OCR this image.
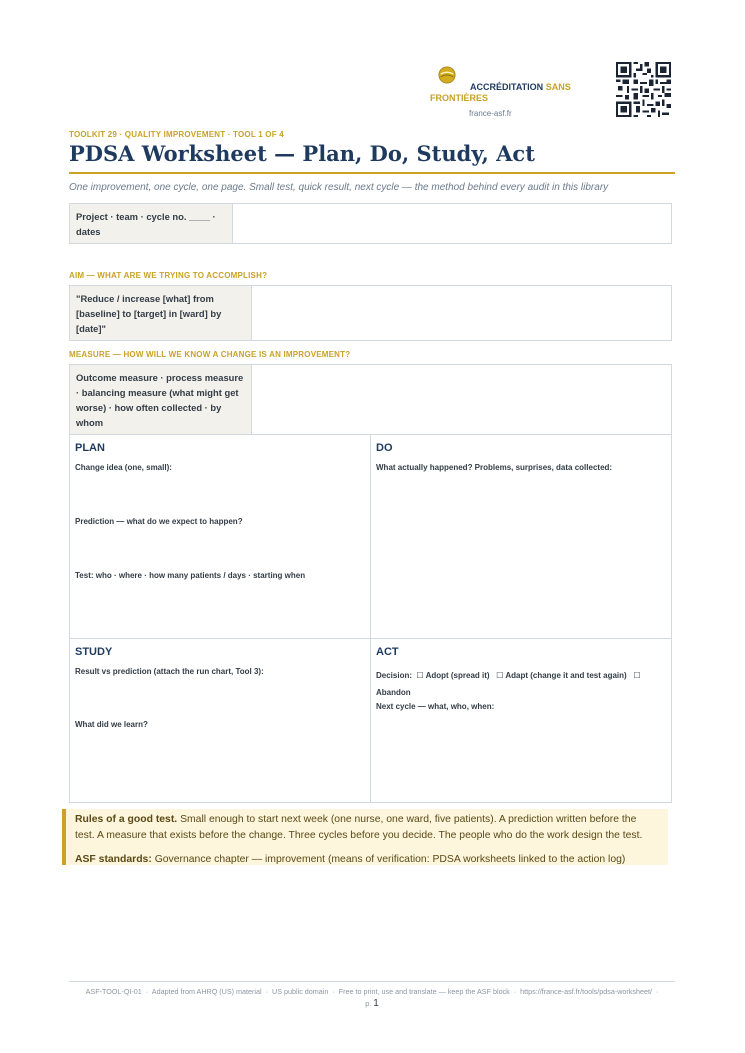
ACCRÉDITATION SANS FRONTIÈRES
france-asf.fr
TOOLKIT 29 · QUALITY IMPROVEMENT · TOOL 1 OF 4
PDSA Worksheet — Plan, Do, Study, Act
One improvement, one cycle, one page. Small test, quick result, next cycle — the method behind every audit in this library
Project · team · cycle no. ____ · dates
AIM — WHAT ARE WE TRYING TO ACCOMPLISH?
"Reduce / increase [what] from [baseline] to [target] in [ward] by [date]"
MEASURE — HOW WILL WE KNOW A CHANGE IS AN IMPROVEMENT?
Outcome measure · process measure · balancing measure (what might get worse) · how often collected · by whom
PLAN
Change idea (one, small):
Prediction — what do we expect to happen?
Test: who · where · how many patients / days · starting when
DO
What actually happened? Problems, surprises, data collected:
STUDY
Result vs prediction (attach the run chart, Tool 3):
What did we learn?
ACT
Decision: ☐ Adopt (spread it) ☐ Adapt (change it and test again) ☐ Abandon
Next cycle — what, who, when:

Rules of a good test. Small enough to start next week (one nurse, one ward, five patients). A prediction written before the test. A measure that exists before the change. Three cycles before you decide. The people who do the work design the test.

ASF standards: Governance chapter — improvement (means of verification: PDSA worksheets linked to the action log)

ASF-TOOL-QI-01  ·  Adapted from AHRQ (US) material  ·  US public domain  ·  Free to print, use and translate — keep the ASF block  ·  https://france-asf.fr/tools/pdsa-worksheet/  ·
p. 1
